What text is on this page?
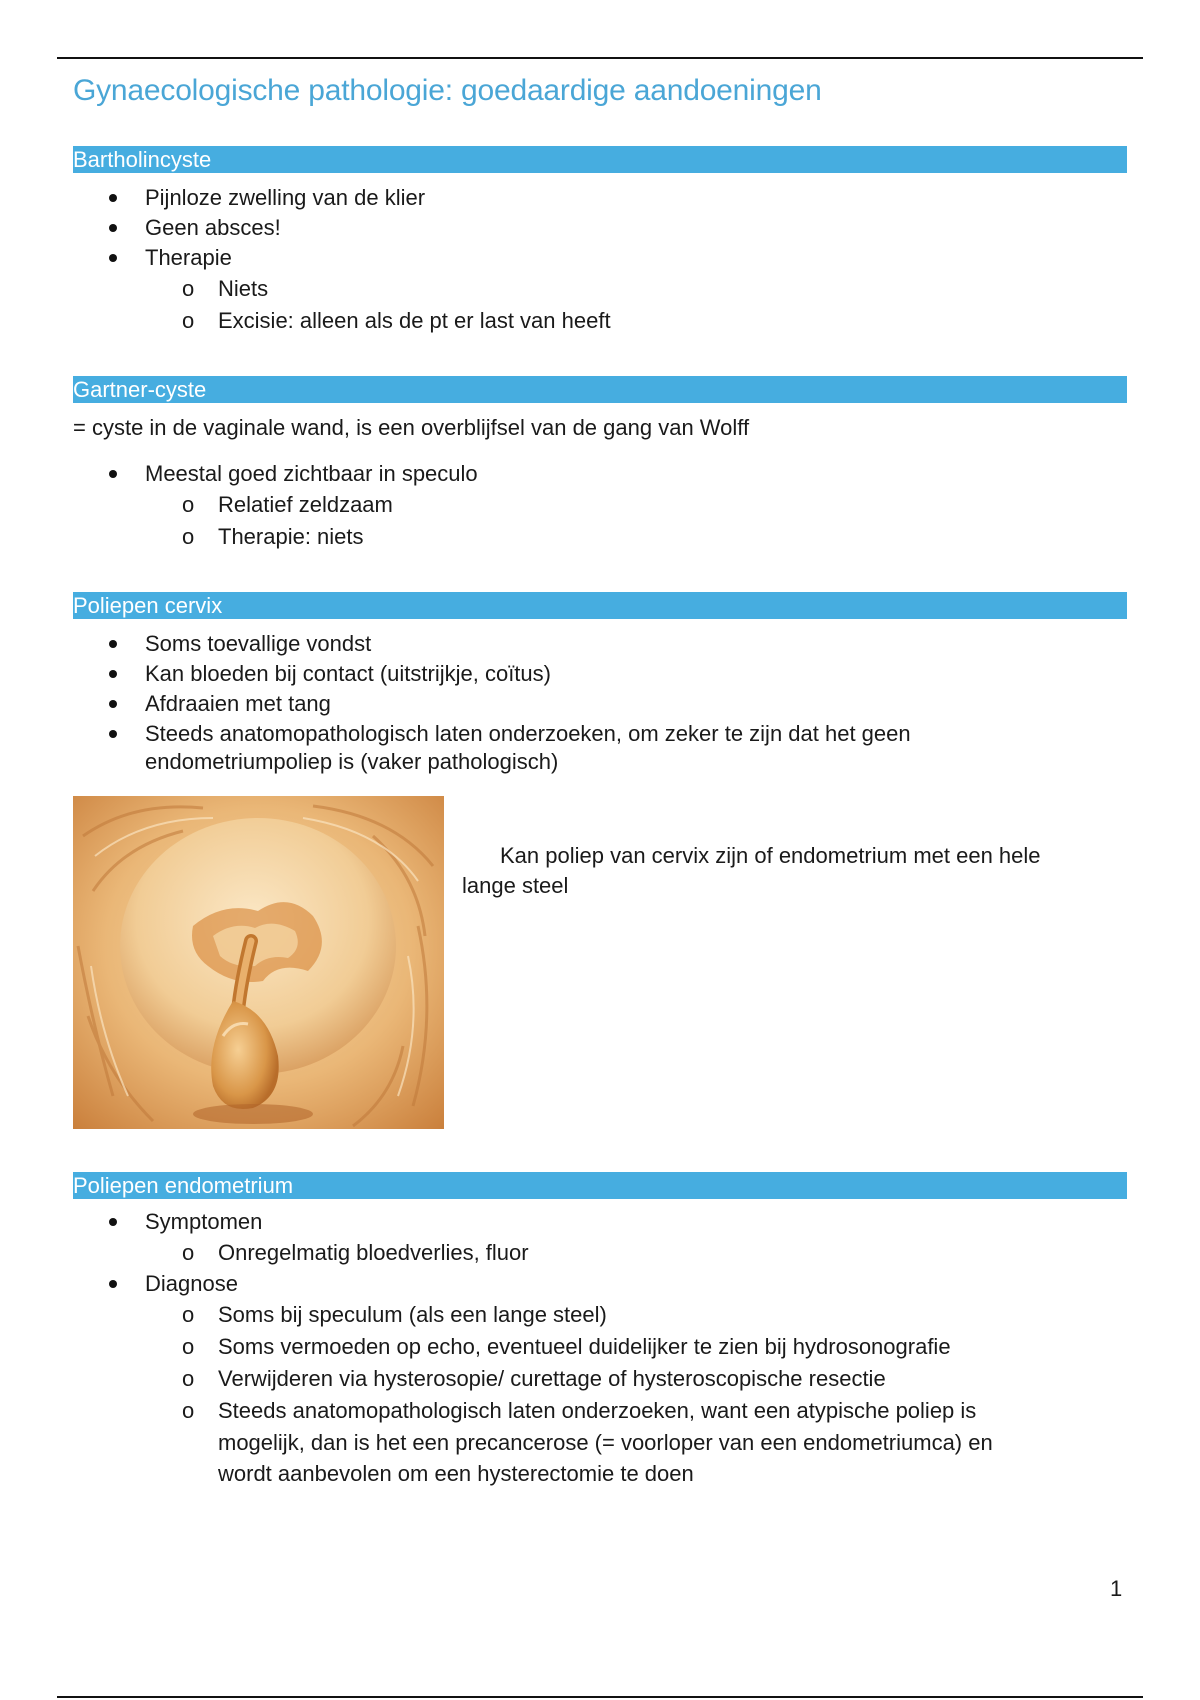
Gynaecologische pathologie: goedaardige aandoeningen
Bartholincyste
Pijnloze zwelling van de klier
Geen absces!
Therapie
o Niets
o Excisie: alleen als de pt er last van heeft
Gartner-cyste
= cyste in de vaginale wand, is een overblijfsel van de gang van Wolff
Meestal goed zichtbaar in speculo
o Relatief zeldzaam
o Therapie: niets
Poliepen cervix
Soms toevallige vondst
Kan bloeden bij contact (uitstrijkje, coïtus)
Afdraaien met tang
Steeds anatomopathologisch laten onderzoeken, om zeker te zijn dat het geen
endometriumpoliep is (vaker pathologisch)
Kan poliep van cervix zijn of endometrium met een hele
lange steel
Poliepen endometrium
Symptomen
o Onregelmatig bloedverlies, fluor
Diagnose
o Soms bij speculum (als een lange steel)
o Soms vermoeden op echo, eventueel duidelijker te zien bij hydrosonografie
o Verwijderen via hysterosopie/ curettage of hysteroscopische resectie
o Steeds anatomopathologisch laten onderzoeken, want een atypische poliep is
mogelijk, dan is het een precancerose (= voorloper van een endometriumca) en
wordt aanbevolen om een hysterectomie te doen
1
